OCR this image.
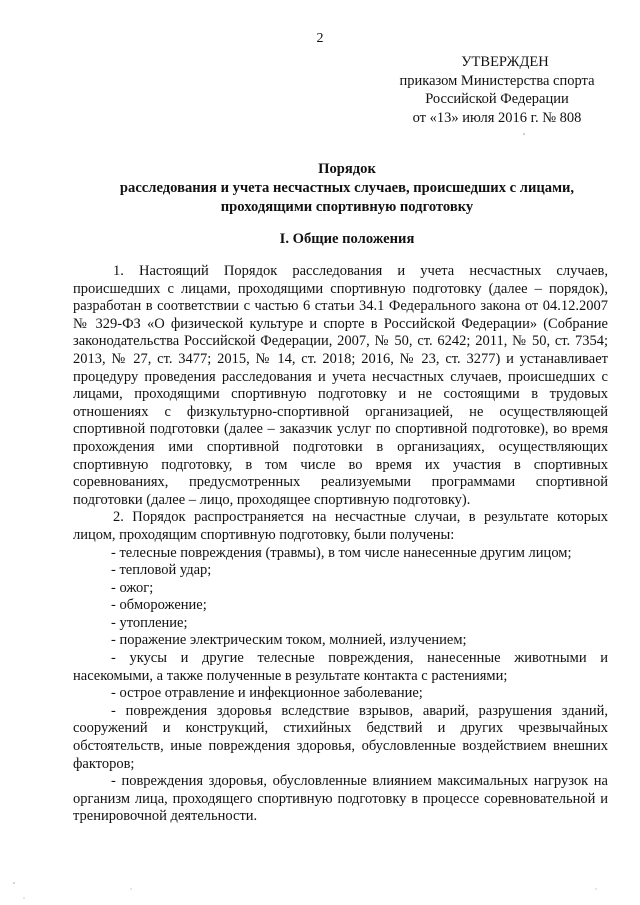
2
УТВЕРЖДЕН
приказом Министерства спорта
Российской Федерации
от «13» июля 2016 г. № 808
Порядок
расследования и учета несчастных случаев, происшедших с лицами,
проходящими спортивную подготовку
I. Общие положения

1. Настоящий Порядок расследования и учета несчастных случаев, происшедших с лицами, проходящими спортивную подготовку (далее – порядок), разработан в соответствии с частью 6 статьи 34.1 Федерального закона от 04.12.2007 № 329-ФЗ «О физической культуре и спорте в Российской Федерации» (Собрание законодательства Российской Федерации, 2007, № 50, ст. 6242; 2011, № 50, ст. 7354; 2013, № 27, ст. 3477; 2015, № 14, ст. 2018; 2016, № 23, ст. 3277) и устанавливает процедуру проведения расследования и учета несчастных случаев, происшедших с лицами, проходящими спортивную подготовку и не состоящими в трудовых отношениях с физкультурно-спортивной организацией, не осуществляющей спортивной подготовки (далее – заказчик услуг по спортивной подготовке), во время прохождения ими спортивной подготовки в организациях, осуществляющих спортивную подготовку, в том числе во время их участия в спортивных соревнованиях, предусмотренных реализуемыми программами спортивной подготовки (далее – лицо, проходящее спортивную подготовку).

2. Порядок распространяется на несчастные случаи, в результате которых лицом, проходящим спортивную подготовку, были получены:

- телесные повреждения (травмы), в том числе нанесенные другим лицом;

- тепловой удар;

- ожог;

- обморожение;

- утопление;

- поражение электрическим током, молнией, излучением;

- укусы и другие телесные повреждения, нанесенные животными и насекомыми, а также полученные в результате контакта с растениями;

- острое отравление и инфекционное заболевание;

- повреждения здоровья вследствие взрывов, аварий, разрушения зданий, сооружений и конструкций, стихийных бедствий и других чрезвычайных обстоятельств, иные повреждения здоровья, обусловленные воздействием внешних факторов;

- повреждения здоровья, обусловленные влиянием максимальных нагрузок на организм лица, проходящего спортивную подготовку в процессе соревновательной и тренировочной деятельности.
